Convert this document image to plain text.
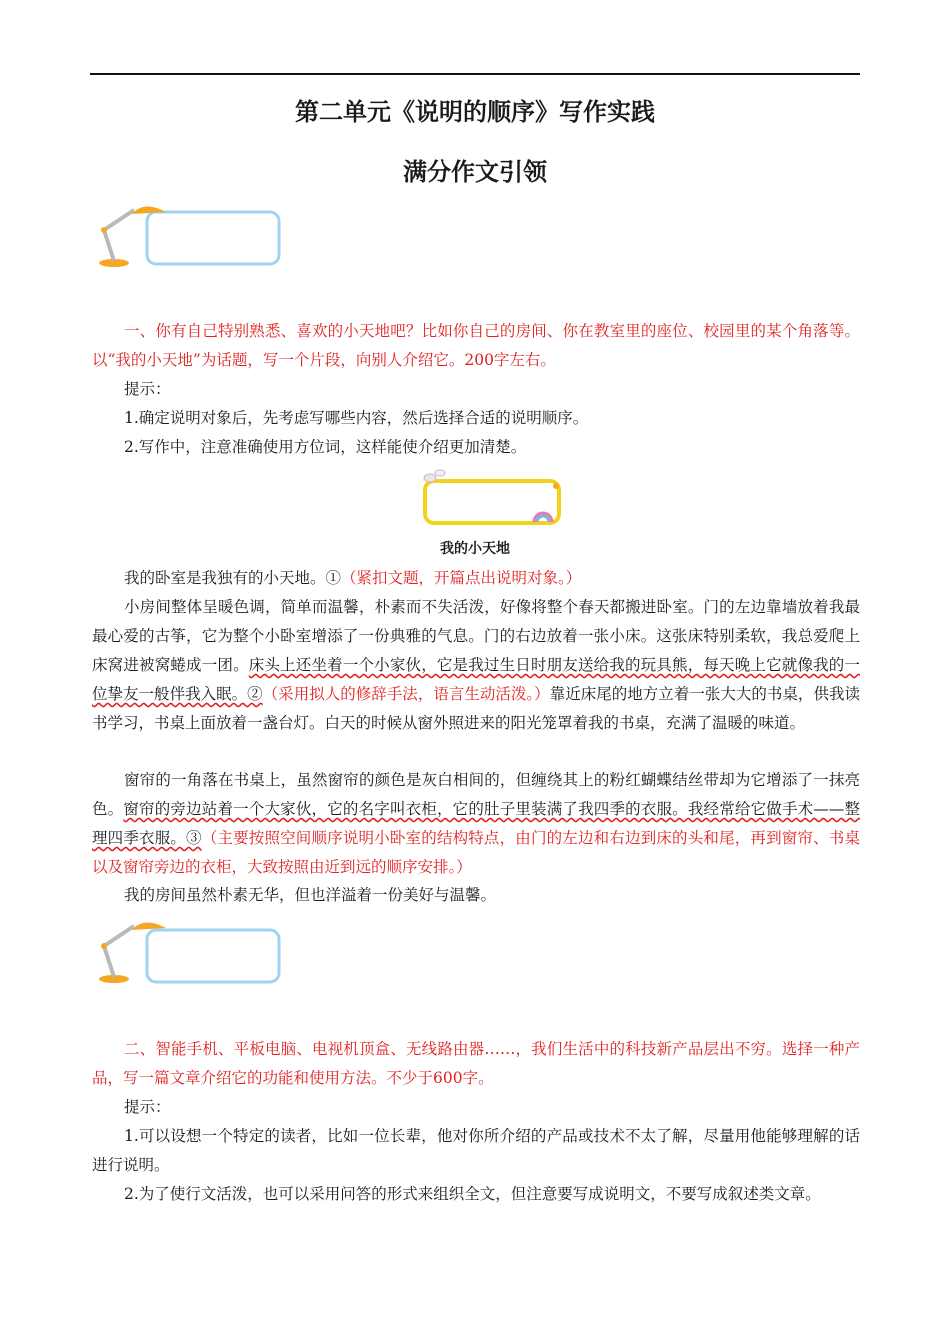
第二单元《说明的顺序》写作实践
满分作文引领

一、你有自己特别熟悉、喜欢的小天地吧？比如你自己的房间、你在教室里的座位、校园里的某个角落等。以“我的小天地”为话题，写一个片段，向别人介绍它。200字左右。

提示：

1.确定说明对象后，先考虑写哪些内容，然后选择合适的说明顺序。

2.写作中，注意准确使用方位词，这样能使介绍更加清楚。

我的小天地

我的卧室是我独有的小天地。①（紧扣文题，开篇点出说明对象。）

小房间整体呈暖色调，简单而温馨，朴素而不失活泼，好像将整个春天都搬进卧室。门的左边靠墙放着我最最心爱的古筝，它为整个小卧室增添了一份典雅的气息。门的右边放着一张小床。这张床特别柔软，我总爱爬上床窝进被窝蜷成一团。床头上还坐着一个小家伙，它是我过生日时朋友送给我的玩具熊，每天晚上它就像我的一位挚友一般伴我入眠。②（采用拟人的修辞手法，语言生动活泼。）靠近床尾的地方立着一张大大的书桌，供我读书学习，书桌上面放着一盏台灯。白天的时候从窗外照进来的阳光笼罩着我的书桌，充满了温暖的味道。

窗帘的一角落在书桌上，虽然窗帘的颜色是灰白相间的，但缠绕其上的粉红蝴蝶结丝带却为它增添了一抹亮色。窗帘的旁边站着一个大家伙，它的名字叫衣柜，它的肚子里装满了我四季的衣服。我经常给它做手术——整理四季衣服。③（主要按照空间顺序说明小卧室的结构特点，由门的左边和右边到床的头和尾，再到窗帘、书桌以及窗帘旁边的衣柜，大致按照由近到远的顺序安排。）

我的房间虽然朴素无华，但也洋溢着一份美好与温馨。

二、智能手机、平板电脑、电视机顶盒、无线路由器……，我们生活中的科技新产品层出不穷。选择一种产品，写一篇文章介绍它的功能和使用方法。不少于600字。

提示：

1.可以设想一个特定的读者，比如一位长辈，他对你所介绍的产品或技术不太了解，尽量用他能够理解的话进行说明。

2.为了使行文活泼，也可以采用问答的形式来组织全文，但注意要写成说明文，不要写成叙述类文章。
